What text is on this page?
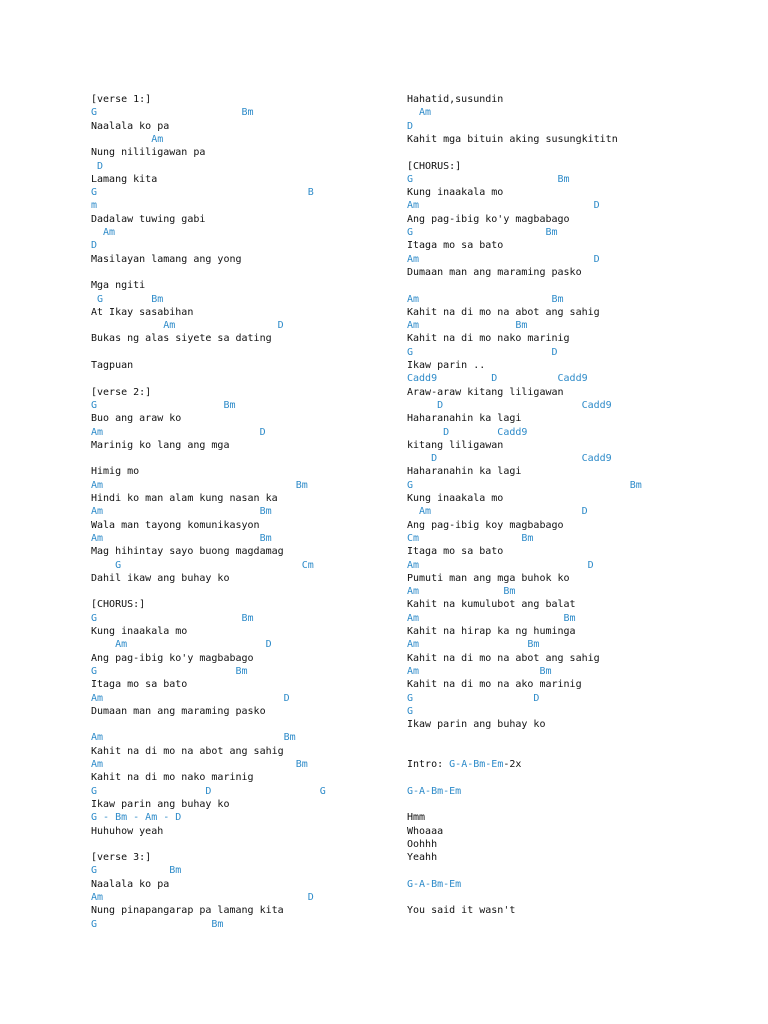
[verse 1:]
G                        Bm
Naalala ko pa
Am
Nung nililigawan pa
D
Lamang kita
G                                   B
m
Dadalaw tuwing gabi
Am
D
Masilayan lamang ang yong
Mga ngiti
G        Bm
At Ikay sasabihan
Am                 D
Bukas ng alas siyete sa dating
Tagpuan
[verse 2:]
G                     Bm
Buo ang araw ko
Am                          D
Marinig ko lang ang mga
Himig mo
Am                                Bm
Hindi ko man alam kung nasan ka
Am                          Bm
Wala man tayong komunikasyon
Am                          Bm
Mag hihintay sayo buong magdamag
G                              Cm
Dahil ikaw ang buhay ko
[CHORUS:]
G                        Bm
Kung inaakala mo
Am                       D
Ang pag-ibig ko'y magbabago
G                       Bm
Itaga mo sa bato
Am                              D
Dumaan man ang maraming pasko
Am                              Bm
Kahit na di mo na abot ang sahig
Am                                Bm
Kahit na di mo nako marinig
G                  D                  G
Ikaw parin ang buhay ko
G - Bm - Am - D
Huhuhow yeah
[verse 3:]
G            Bm
Naalala ko pa
Am                                  D
Nung pinapangarap pa lamang kita
G                   Bm
Hahatid,susundin
Am
D
Kahit mga bituin aking susungkititn
[CHORUS:]
G                        Bm
Kung inaakala mo
Am                             D
Ang pag-ibig ko'y magbabago
G                      Bm
Itaga mo sa bato
Am                             D
Dumaan man ang maraming pasko
Am                      Bm
Kahit na di mo na abot ang sahig
Am                Bm
Kahit na di mo nako marinig
G                       D
Ikaw parin ..
Cadd9         D          Cadd9
Araw-araw kitang liligawan
D                       Cadd9
Haharanahin ka lagi
D        Cadd9
kitang liligawan
D                        Cadd9
Haharanahin ka lagi
G                                    Bm
Kung inaakala mo
Am                         D
Ang pag-ibig koy magbabago
Cm                 Bm
Itaga mo sa bato
Am                            D
Pumuti man ang mga buhok ko
Am              Bm
Kahit na kumulubot ang balat
Am                        Bm
Kahit na hirap ka ng huminga
Am                  Bm
Kahit na di mo na abot ang sahig
Am                    Bm
Kahit na di mo na ako marinig
G                    D
G
Ikaw parin ang buhay ko
Intro: G-A-Bm-Em-2x
G-A-Bm-Em
Hmm
Whoaaa
Oohhh
Yeahh
G-A-Bm-Em
You said it wasn't
